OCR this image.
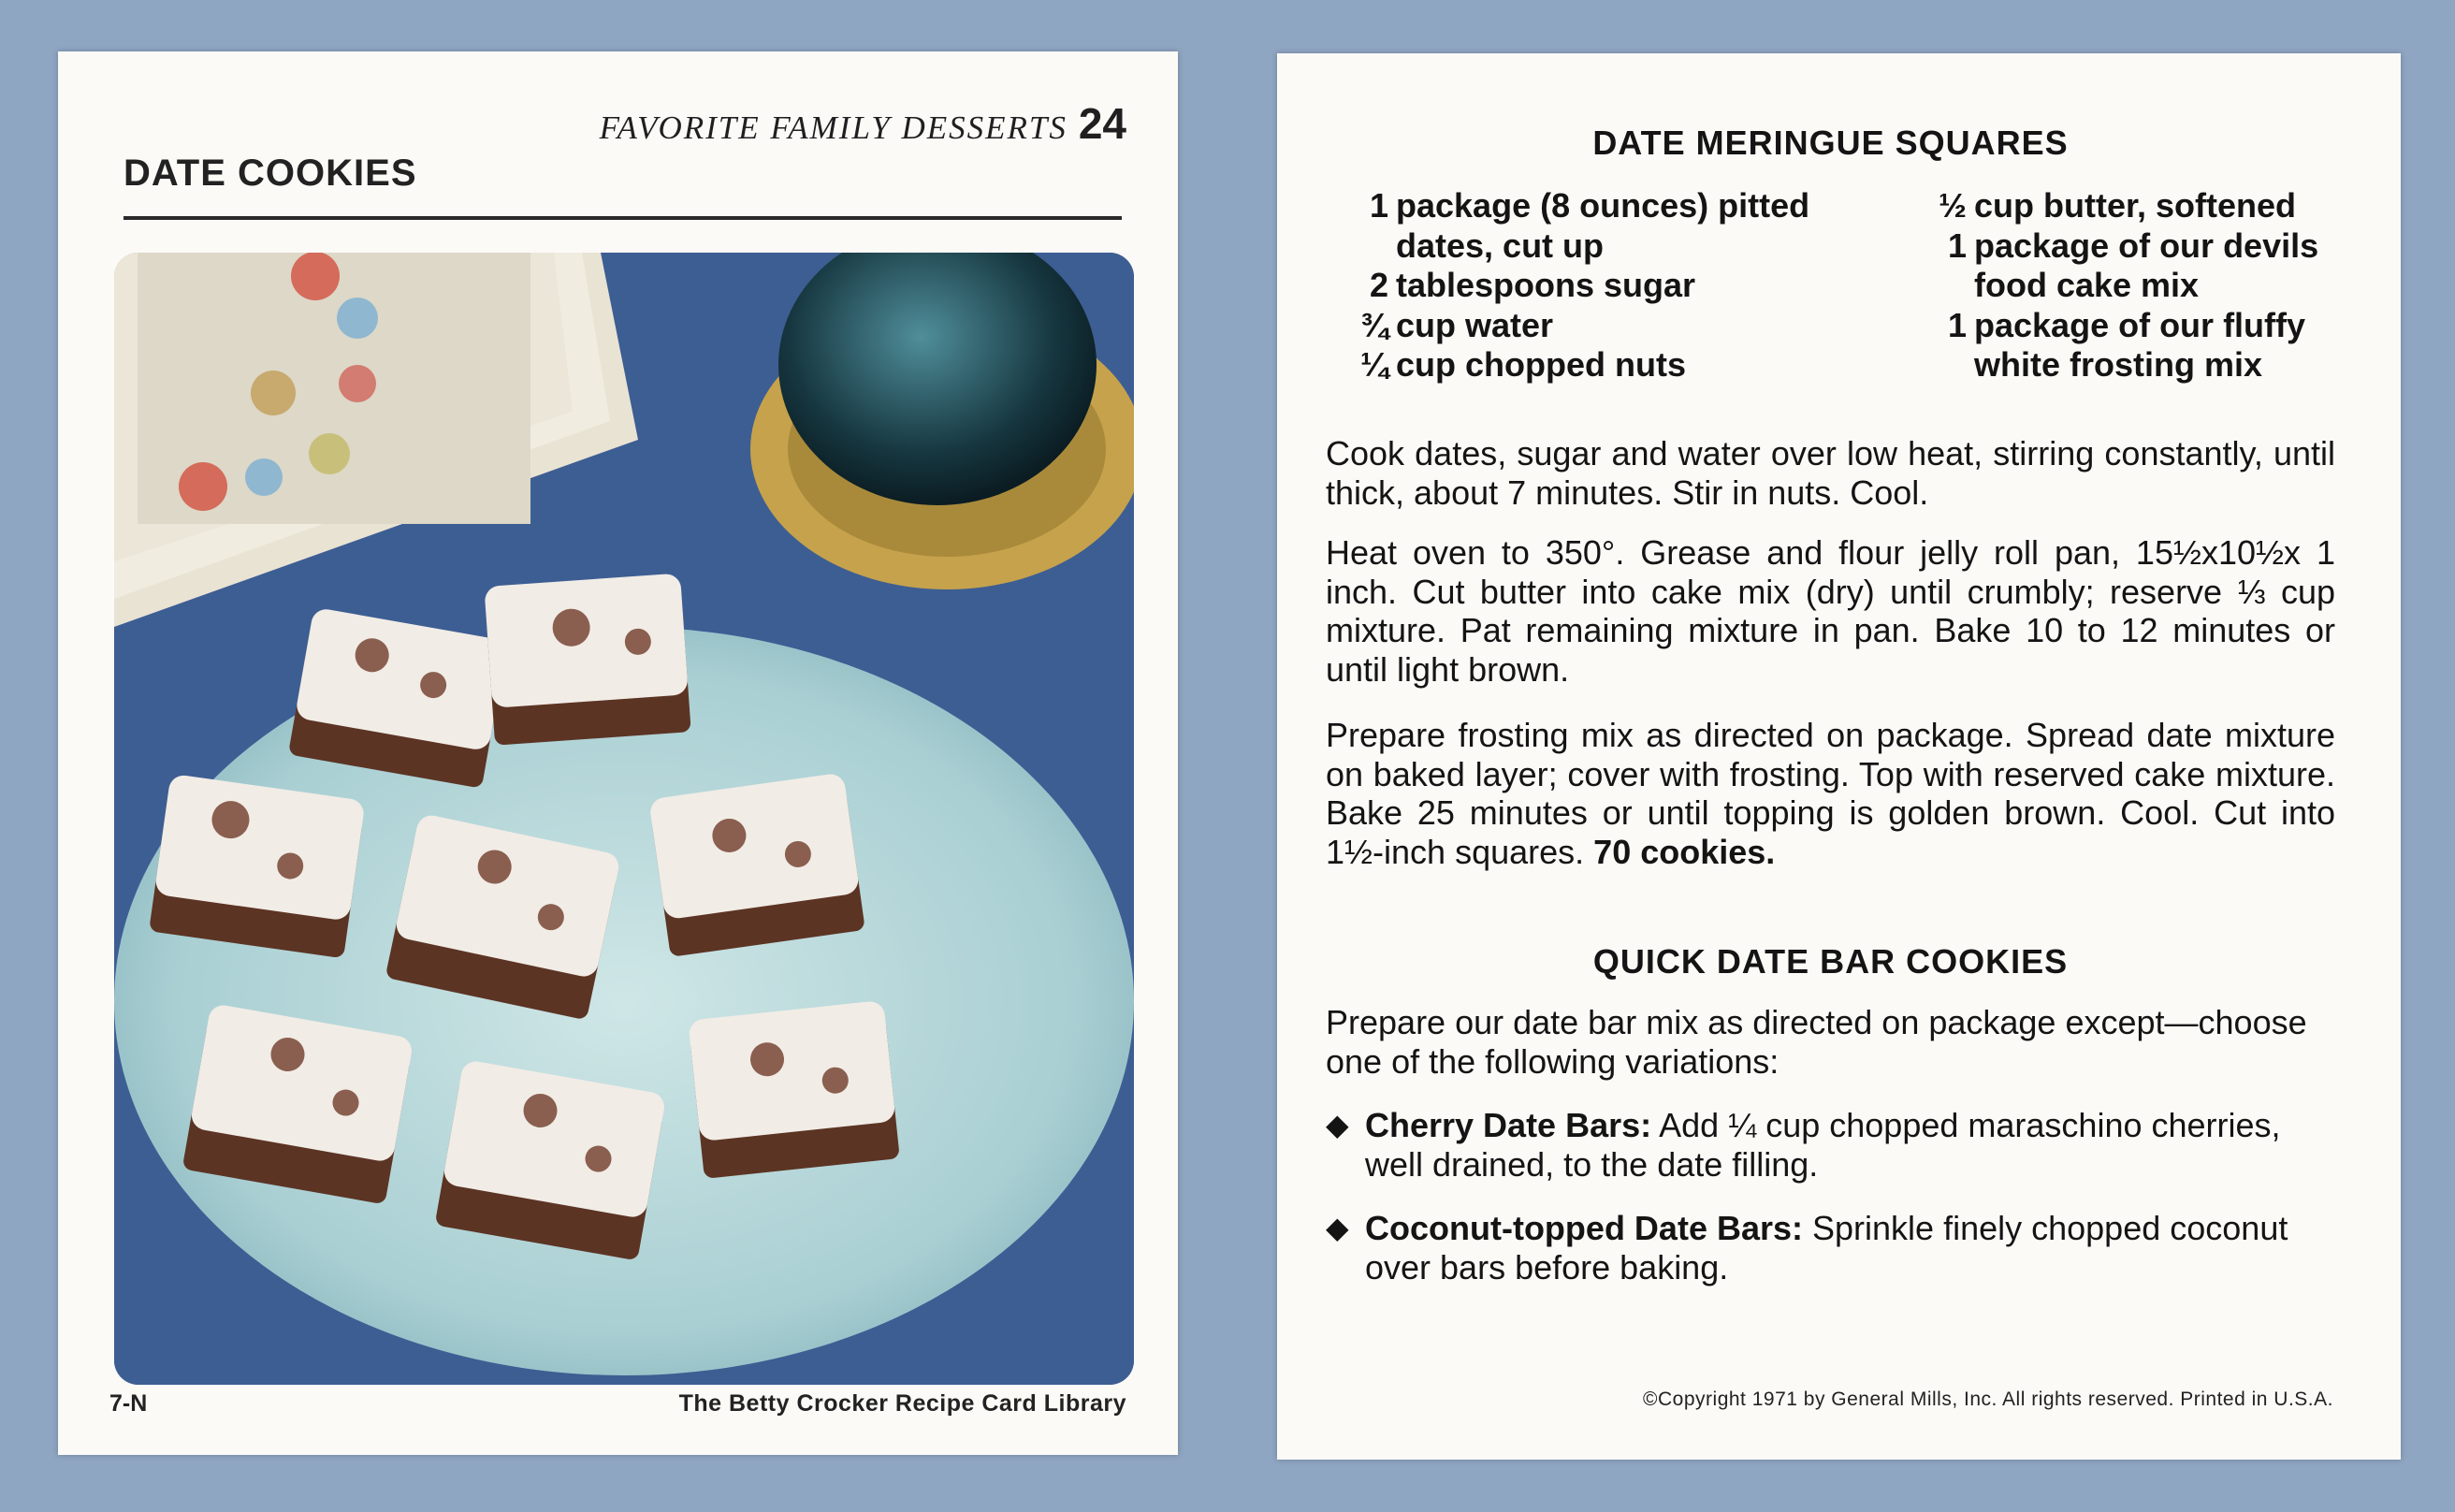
FAVORITE FAMILY DESSERTS 24
DATE COOKIES
7-N	The Betty Crocker Recipe Card Library
DATE MERINGUE SQUARES
1 package (8 ounces) pitted dates, cut up
2 tablespoons sugar
¾ cup water
¼ cup chopped nuts
½ cup butter, softened
1 package of our devils food cake mix
1 package of our fluffy white frosting mix
Cook dates, sugar and water over low heat, stirring constantly, until thick, about 7 minutes. Stir in nuts. Cool.
Heat oven to 350°. Grease and flour jelly roll pan, 15½x10½x 1 inch. Cut butter into cake mix (dry) until crumbly; reserve ⅓ cup mixture. Pat remaining mixture in pan. Bake 10 to 12 minutes or until light brown.
Prepare frosting mix as directed on package. Spread date mixture on baked layer; cover with frosting. Top with reserved cake mixture. Bake 25 minutes or until topping is golden brown. Cool. Cut into 1½-inch squares. 70 cookies.
QUICK DATE BAR COOKIES
Prepare our date bar mix as directed on package except—choose one of the following variations:
◆ Cherry Date Bars: Add ¼ cup chopped maraschino cherries, well drained, to the date filling.
◆ Coconut-topped Date Bars: Sprinkle finely chopped coconut over bars before baking.
©Copyright 1971 by General Mills, Inc. All rights reserved. Printed in U.S.A.
